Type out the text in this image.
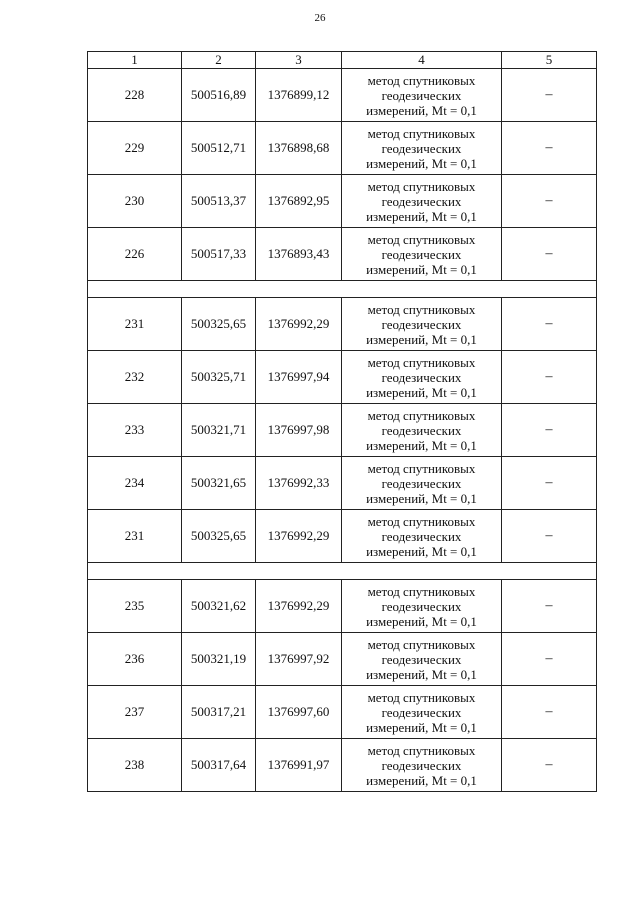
26
1	2	3	4	5
228	500516,89	1376899,12	метод спутниковых
геодезических
измерений, Mt = 0,1	–
229	500512,71	1376898,68	метод спутниковых
геодезических
измерений, Mt = 0,1	–
230	500513,37	1376892,95	метод спутниковых
геодезических
измерений, Mt = 0,1	–
226	500517,33	1376893,43	метод спутниковых
геодезических
измерений, Mt = 0,1	–

231	500325,65	1376992,29	метод спутниковых
геодезических
измерений, Mt = 0,1	–
232	500325,71	1376997,94	метод спутниковых
геодезических
измерений, Mt = 0,1	–
233	500321,71	1376997,98	метод спутниковых
геодезических
измерений, Mt = 0,1	–
234	500321,65	1376992,33	метод спутниковых
геодезических
измерений, Mt = 0,1	–
231	500325,65	1376992,29	метод спутниковых
геодезических
измерений, Mt = 0,1	–

235	500321,62	1376992,29	метод спутниковых
геодезических
измерений, Mt = 0,1	–
236	500321,19	1376997,92	метод спутниковых
геодезических
измерений, Mt = 0,1	–
237	500317,21	1376997,60	метод спутниковых
геодезических
измерений, Mt = 0,1	–
238	500317,64	1376991,97	метод спутниковых
геодезических
измерений, Mt = 0,1	–
